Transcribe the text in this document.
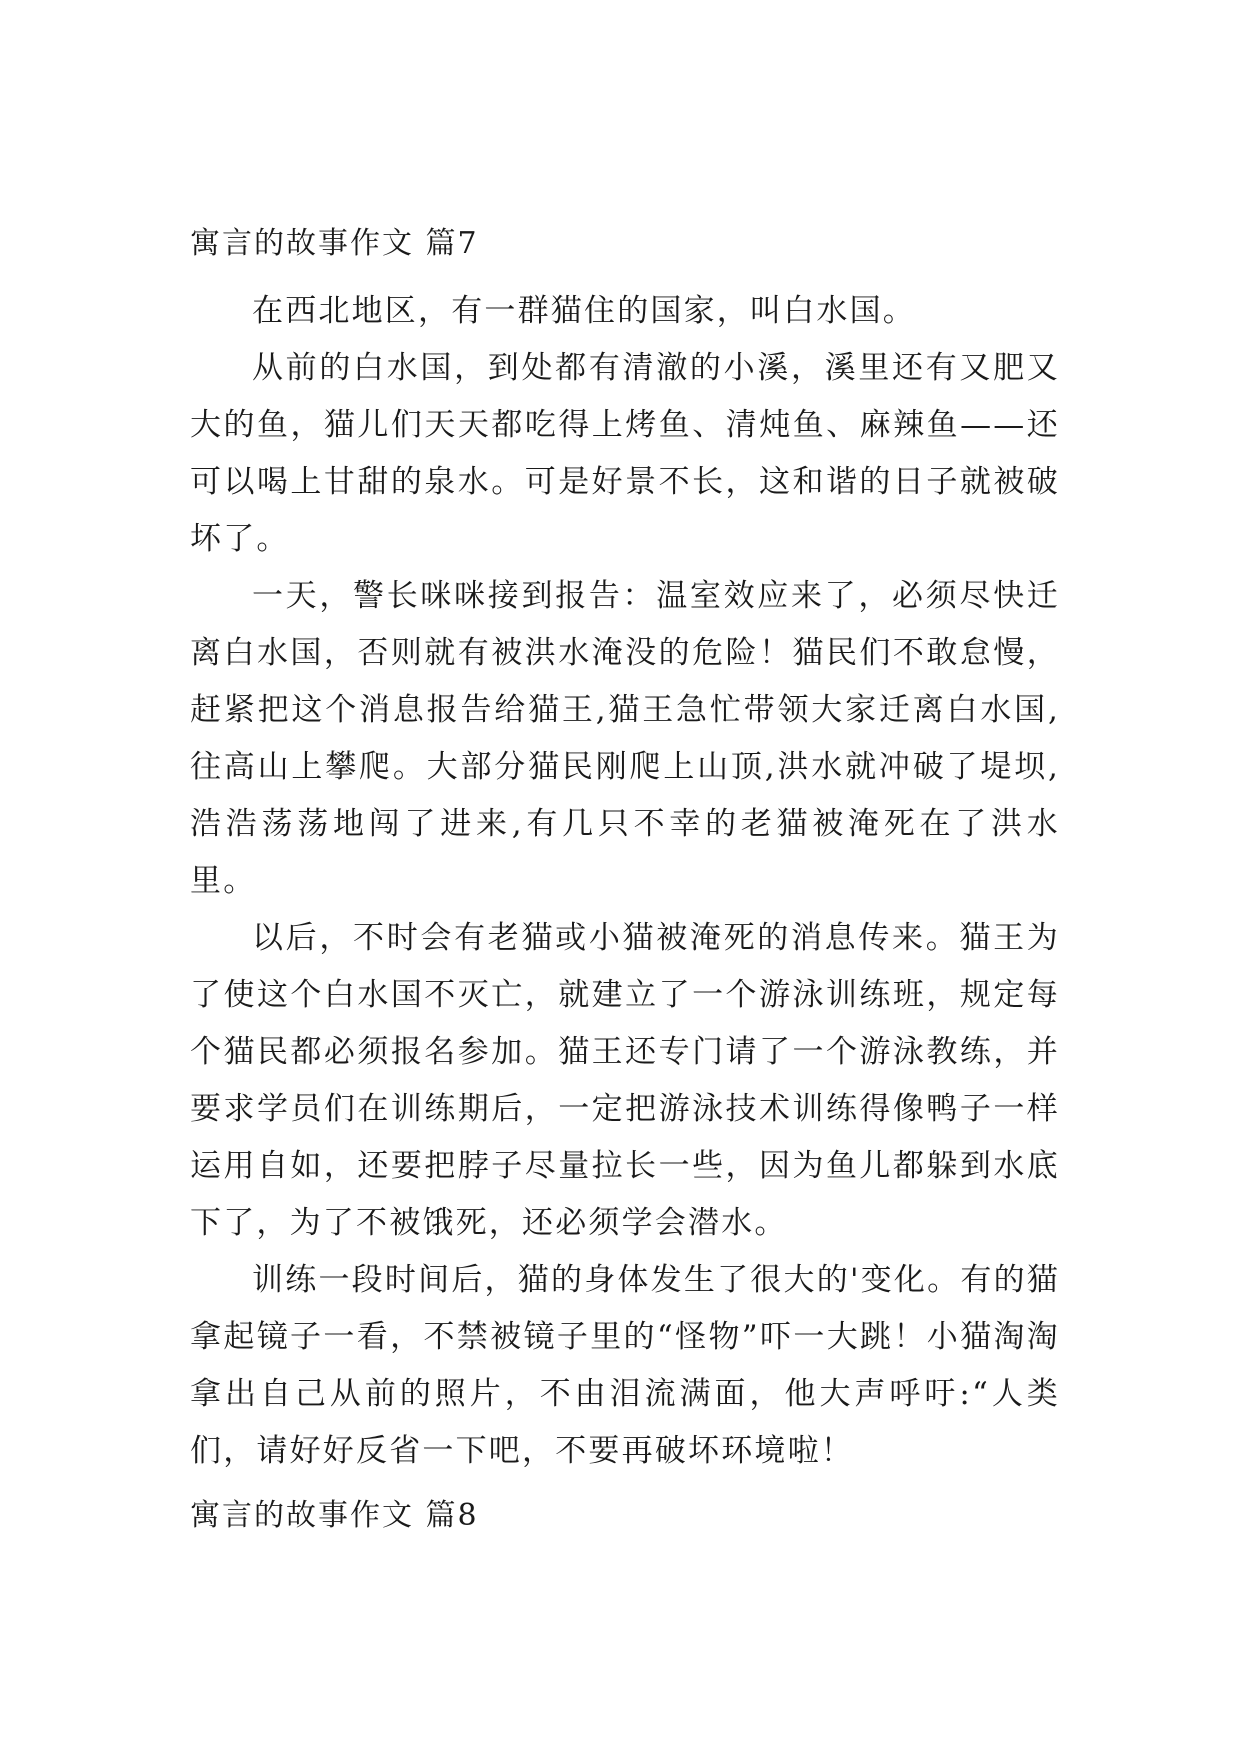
寓言的故事作文 篇7

在西北地区，有一群猫住的国家，叫白水国。

从前的白水国，到处都有清澈的小溪，溪里还有又肥又大的鱼，猫儿们天天都吃得上烤鱼、清炖鱼、麻辣鱼——还可以喝上甘甜的泉水。可是好景不长，这和谐的日子就被破坏了。

一天，警长咪咪接到报告：温室效应来了，必须尽快迁离白水国，否则就有被洪水淹没的危险！猫民们不敢怠慢，赶紧把这个消息报告给猫王,猫王急忙带领大家迁离白水国,往高山上攀爬。大部分猫民刚爬上山顶,洪水就冲破了堤坝,浩浩荡荡地闯了进来,有几只不幸的老猫被淹死在了洪水里。

以后，不时会有老猫或小猫被淹死的消息传来。猫王为了使这个白水国不灭亡，就建立了一个游泳训练班，规定每个猫民都必须报名参加。猫王还专门请了一个游泳教练，并要求学员们在训练期后，一定把游泳技术训练得像鸭子一样运用自如，还要把脖子尽量拉长一些，因为鱼儿都躲到水底下了，为了不被饿死，还必须学会潜水。

训练一段时间后，猫的身体发生了很大的'变化。有的猫拿起镜子一看，不禁被镜子里的“怪物”吓一大跳！小猫淘淘拿出自己从前的照片，不由泪流满面，他大声呼吁:“人类们，请好好反省一下吧，不要再破坏环境啦！

寓言的故事作文 篇8
